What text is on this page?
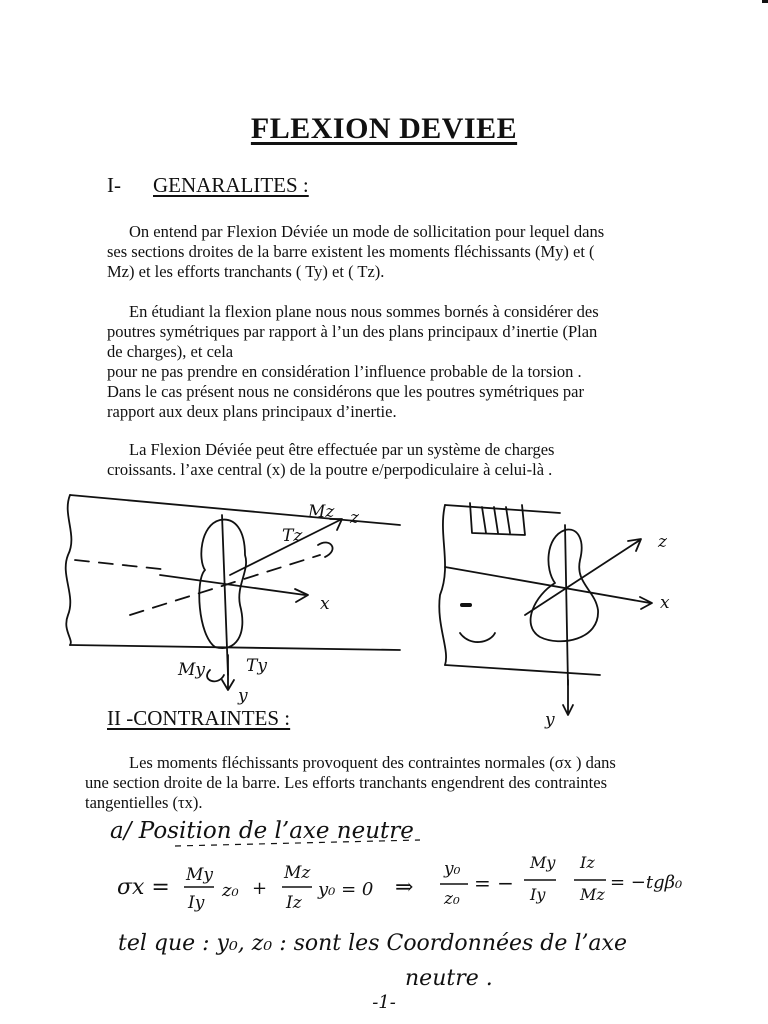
FLEXION DEVIEE
I- GENARALITES :
On entend par Flexion Déviée un mode de sollicitation pour lequel dans
ses sections droites de la barre existent les moments fléchissants (My) et (
Mz) et les efforts tranchants ( Ty) et ( Tz).
En étudiant la flexion plane nous nous sommes bornés à considérer des
poutres symétriques par rapport à l’un des plans principaux d’inertie (Plan
de charges), et cela
pour ne pas prendre en considération l’influence probable de la torsion .
Dans le cas présent nous ne considérons que les poutres symétriques par
rapport aux deux plans principaux d’inertie.
La Flexion Déviée peut être effectuée par un système de charges
croissants. l’axe central (x) de la poutre e/perpodiculaire à celui-là .
Mz z
Tz
x
My Ty
y
z
x
y
II -CONTRAINTES :
Les moments fléchissants provoquent des contraintes normales (σx ) dans
une section droite de la barre. Les efforts tranchants engendrent des contraintes
tangentielles (τx).
a/ Position de l’axe neutre
σx = My
Iy
z₀ +
Mz
Iz
y₀ = 0 ⇒
y₀
z₀
= −
My
Iy
Iz
Mz
= −tgβ₀
tel que : y₀, z₀ : sont les Coordonnées de l’axe
neutre .
-1-
